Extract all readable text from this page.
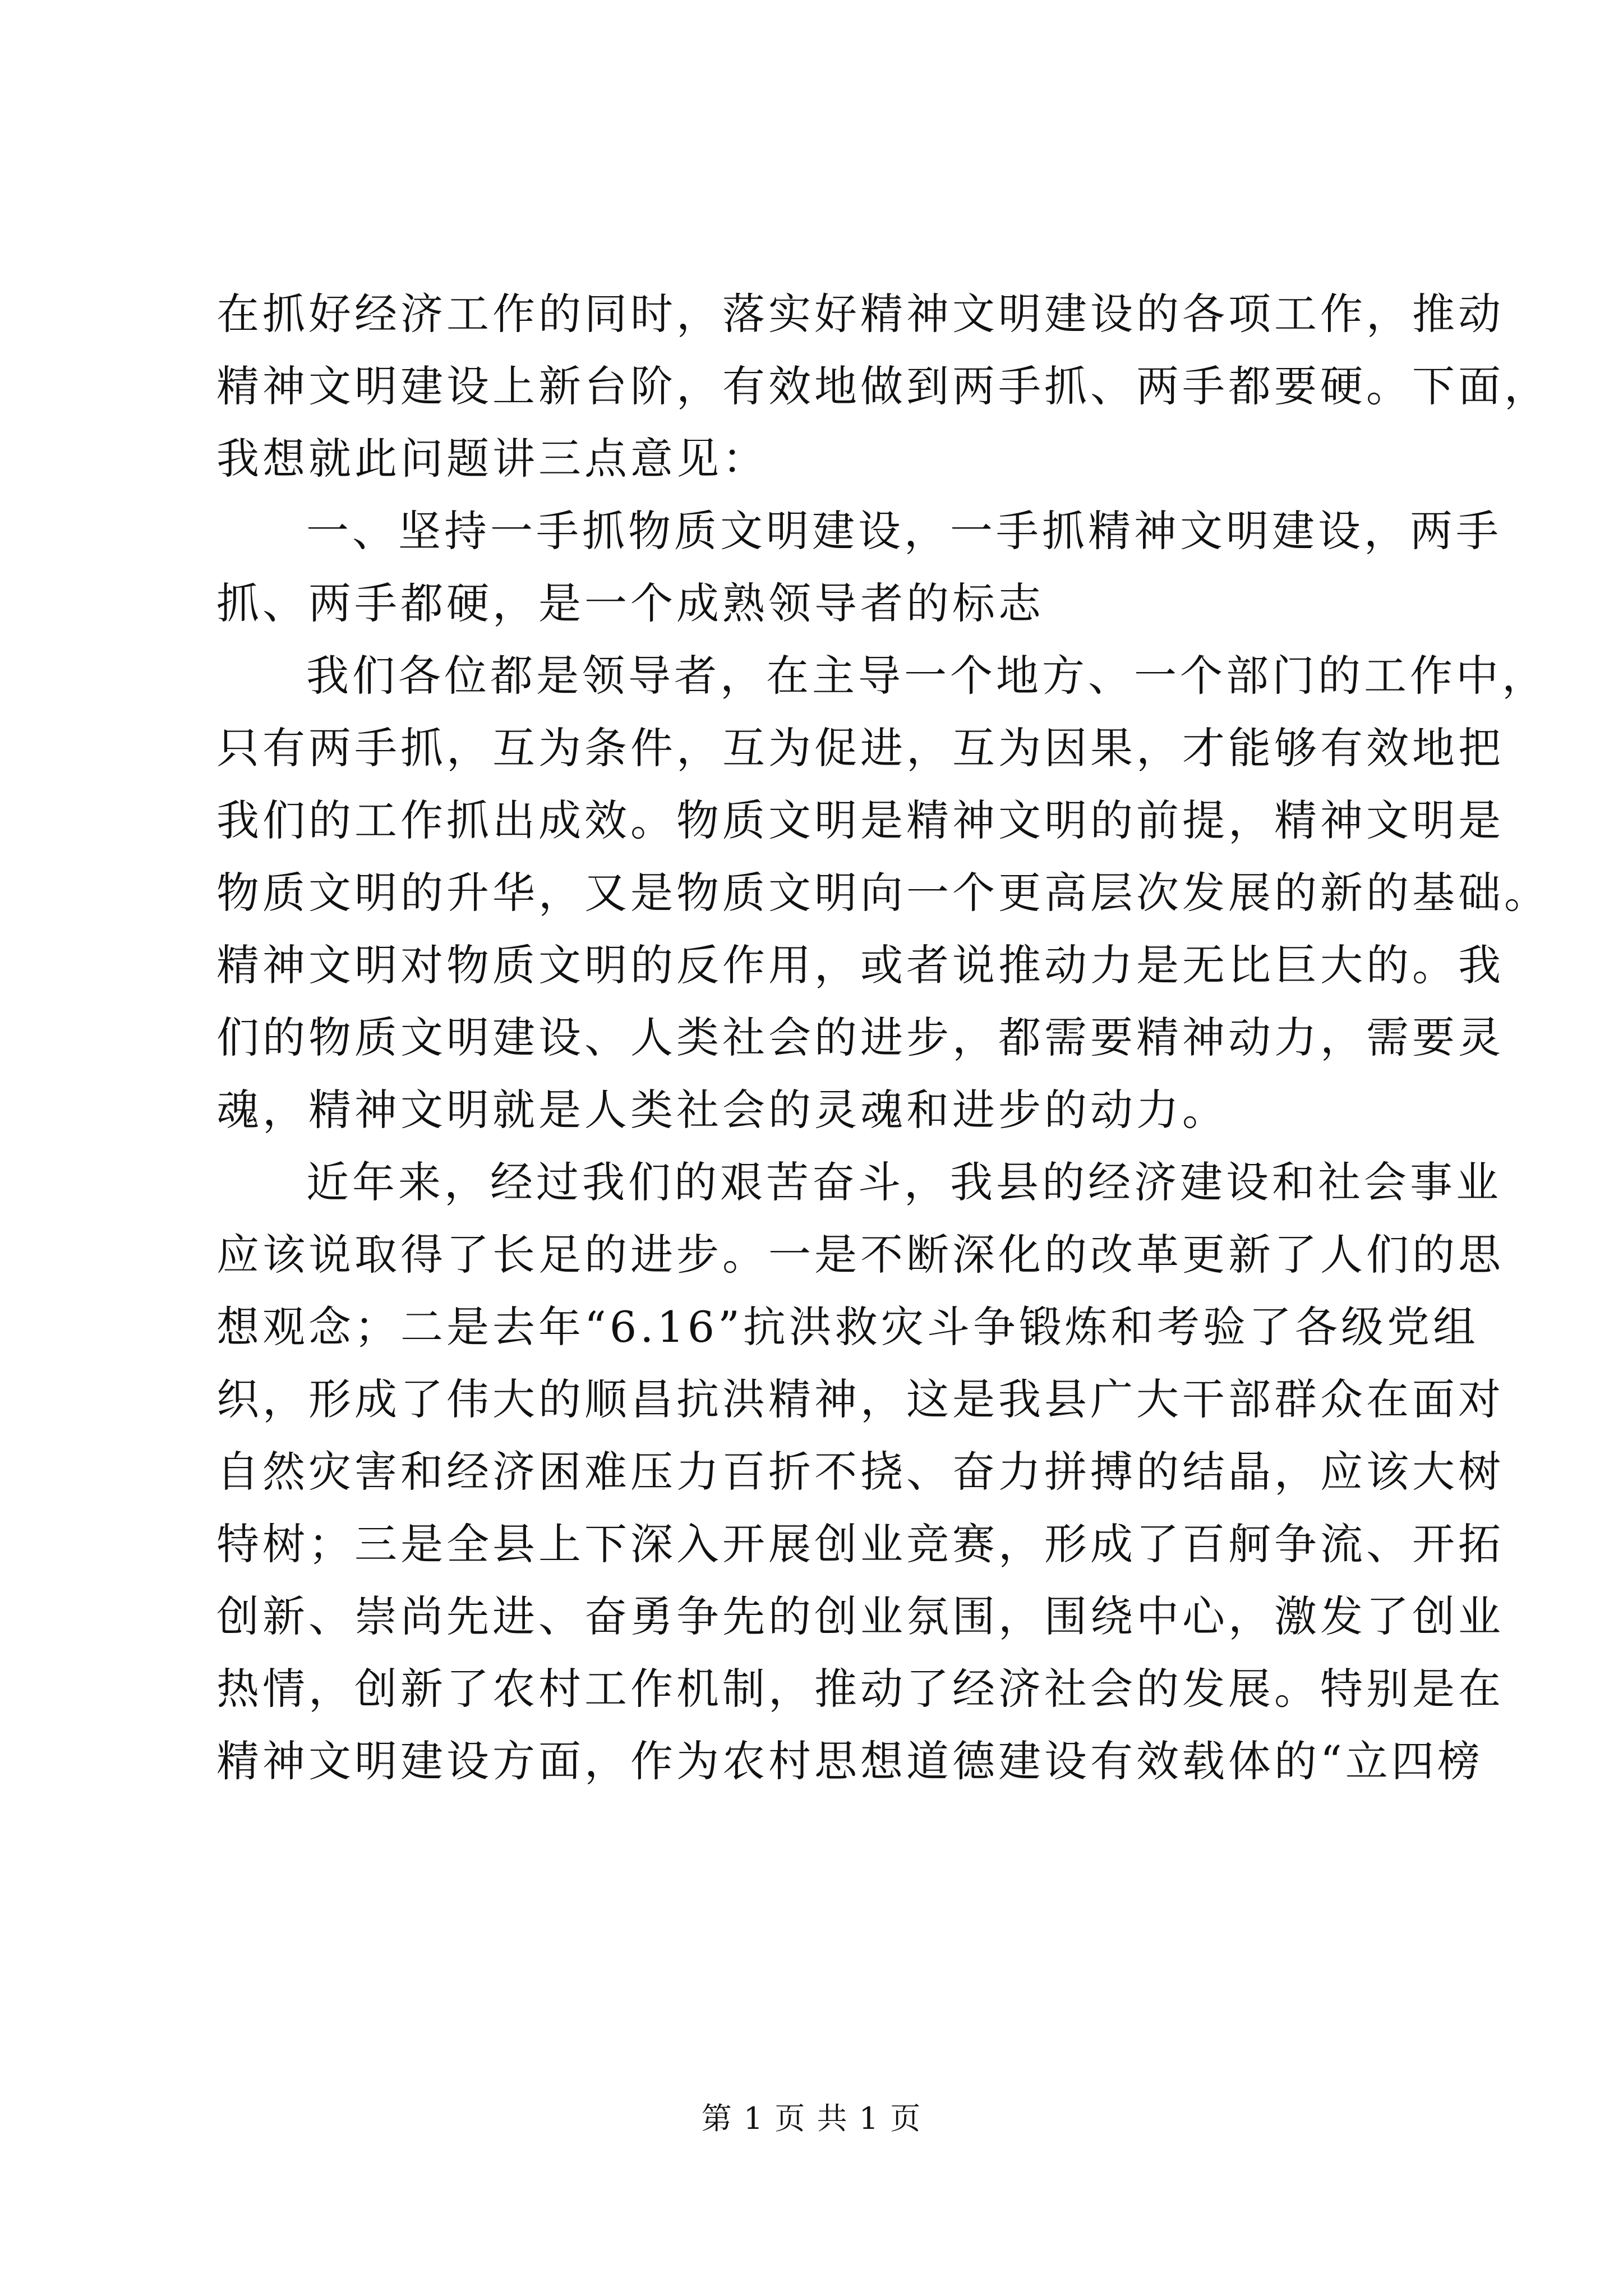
在抓好经济工作的同时，落实好精神文明建设的各项工作，推动
精神文明建设上新台阶，有效地做到两手抓、两手都要硬。下面，
我想就此问题讲三点意见：
一、坚持一手抓物质文明建设，一手抓精神文明建设，两手
抓、两手都硬，是一个成熟领导者的标志
我们各位都是领导者，在主导一个地方、一个部门的工作中，
只有两手抓，互为条件，互为促进，互为因果，才能够有效地把
我们的工作抓出成效。物质文明是精神文明的前提，精神文明是
物质文明的升华，又是物质文明向一个更高层次发展的新的基础。
精神文明对物质文明的反作用，或者说推动力是无比巨大的。我
们的物质文明建设、人类社会的进步，都需要精神动力，需要灵
魂，精神文明就是人类社会的灵魂和进步的动力。
近年来，经过我们的艰苦奋斗，我县的经济建设和社会事业
应该说取得了长足的进步。一是不断深化的改革更新了人们的思
想观念；二是去年“6.16”抗洪救灾斗争锻炼和考验了各级党组
织，形成了伟大的顺昌抗洪精神，这是我县广大干部群众在面对
自然灾害和经济困难压力百折不挠、奋力拼搏的结晶，应该大树
特树；三是全县上下深入开展创业竞赛，形成了百舸争流、开拓
创新、崇尚先进、奋勇争先的创业氛围，围绕中心，激发了创业
热情，创新了农村工作机制，推动了经济社会的发展。特别是在
精神文明建设方面，作为农村思想道德建设有效载体的“立四榜
第 1 页 共 1 页
